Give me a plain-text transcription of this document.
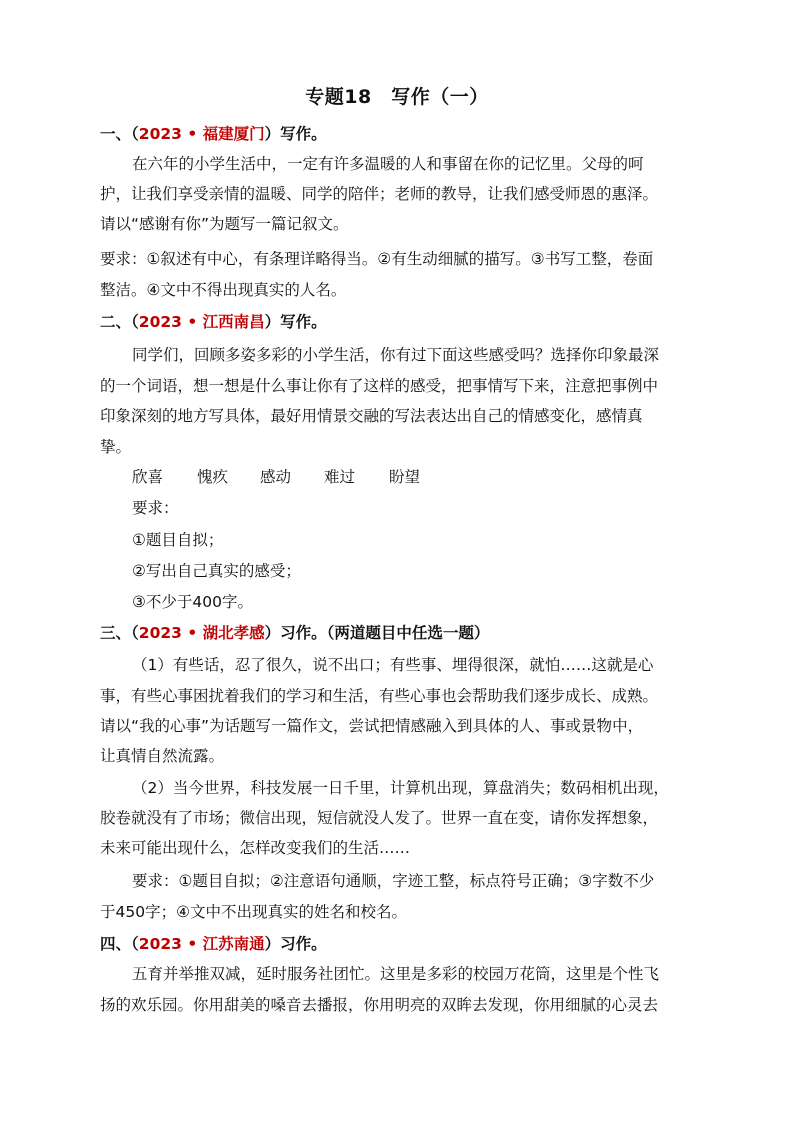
专题18　写作（一）
一、（2023 • 福建厦门）写作。
在六年的小学生活中，一定有许多温暖的人和事留在你的记忆里。父母的呵
护，让我们享受亲情的温暖、同学的陪伴；老师的教导，让我们感受师恩的惠泽。
请以“感谢有你”为题写一篇记叙文。
要求：①叙述有中心，有条理详略得当。②有生动细腻的描写。③书写工整，卷面
整洁。④文中不得出现真实的人名。
二、（2023 • 江西南昌）写作。
同学们，回顾多姿多彩的小学生活，你有过下面这些感受吗？选择你印象最深
的一个词语，想一想是什么事让你有了这样的感受，把事情写下来，注意把事例中
印象深刻的地方写具体，最好用情景交融的写法表达出自己的情感变化，感情真
挚。
欣喜 愧疚 感动 难过 盼望
要求：
①题目自拟；
②写出自己真实的感受；
③不少于400字。
三、（2023 • 湖北孝感）习作。（两道题目中任选一题）
（1）有些话，忍了很久，说不出口；有些事、埋得很深，就怕……这就是心
事，有些心事困扰着我们的学习和生活，有些心事也会帮助我们逐步成长、成熟。
请以“我的心事”为话题写一篇作文，尝试把情感融入到具体的人、事或景物中，
让真情自然流露。
（2）当今世界，科技发展一日千里，计算机出现，算盘消失；数码相机出现，
胶卷就没有了市场；微信出现，短信就没人发了。世界一直在变，请你发挥想象，
未来可能出现什么，怎样改变我们的生活……
要求：①题目自拟；②注意语句通顺，字迹工整，标点符号正确；③字数不少
于450字；④文中不出现真实的姓名和校名。
四、（2023 • 江苏南通）习作。
五育并举推双减，延时服务社团忙。这里是多彩的校园万花筒，这里是个性飞
扬的欢乐园。你用甜美的嗓音去播报，你用明亮的双眸去发现，你用细腻的心灵去
